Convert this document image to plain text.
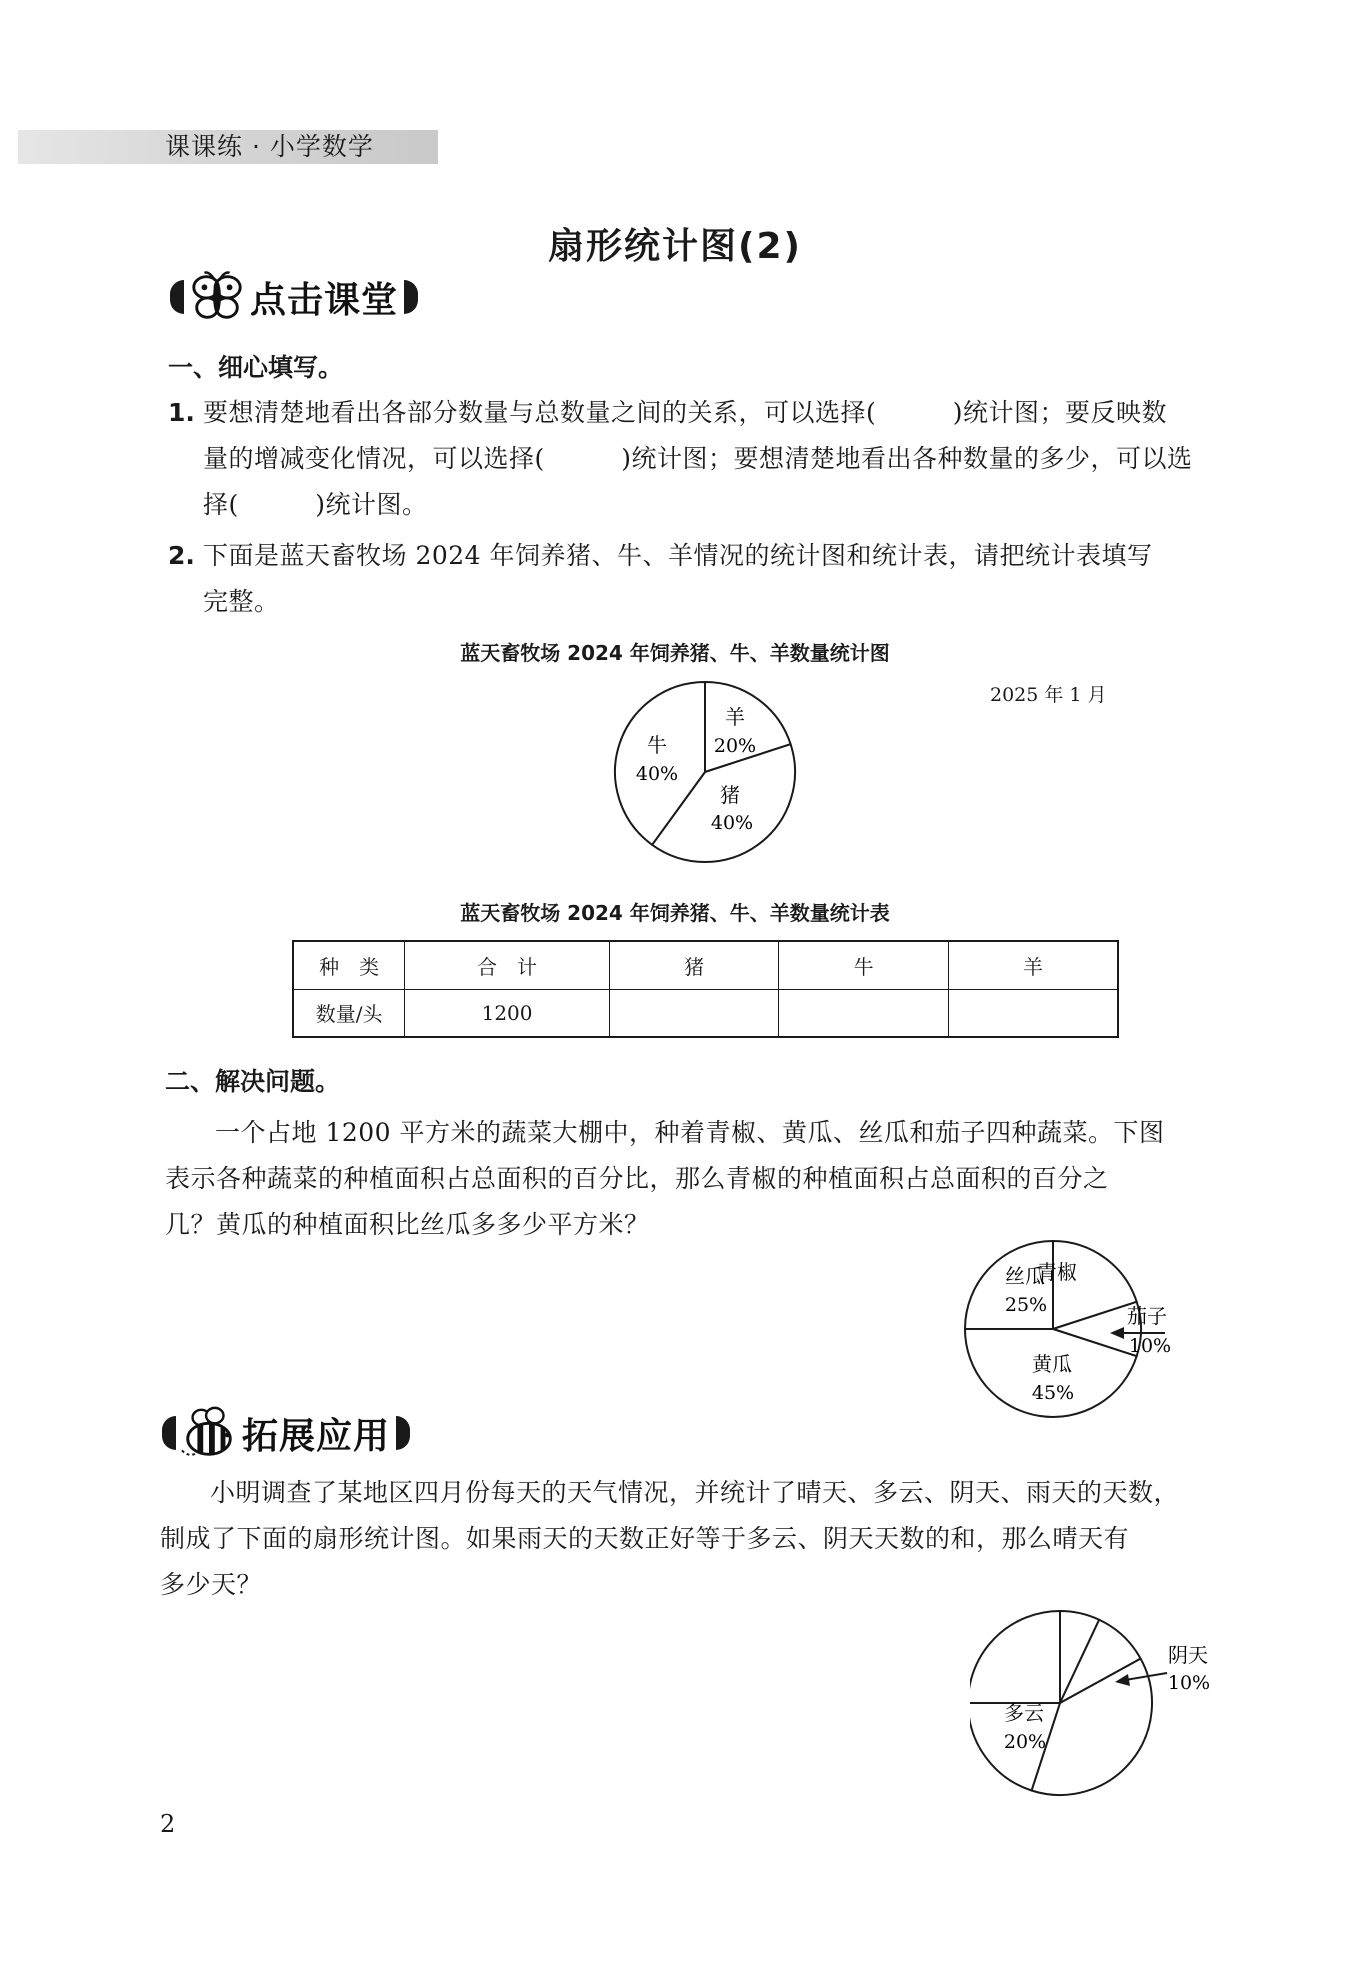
课课练 · 小学数学
扇形统计图(2)
点击课堂
一、细心填写。
1. 要想清楚地看出各部分数量与总数量之间的关系，可以选择(　　　)统计图；要反映数
量的增减变化情况，可以选择(　　　)统计图；要想清楚地看出各种数量的多少，可以选
择(　　　)统计图。
2. 下面是蓝天畜牧场 2024 年饲养猪、牛、羊情况的统计图和统计表，请把统计表填写
完整。
蓝天畜牧场 2024 年饲养猪、牛、羊数量统计图
2025 年 1 月
羊
20%
猪
40%
牛
40%
蓝天畜牧场 2024 年饲养猪、牛、羊数量统计表
种　类	合　计	猪	牛	羊
数量/头	1200			
二、解决问题。
一个占地 1200 平方米的蔬菜大棚中，种着青椒、黄瓜、丝瓜和茄子四种蔬菜。下图
表示各种蔬菜的种植面积占总面积的百分比，那么青椒的种植面积占总面积的百分之
几？黄瓜的种植面积比丝瓜多多少平方米？
青椒
茄子
10%
黄瓜
45%
丝瓜
25%
拓展应用
小明调查了某地区四月份每天的天气情况，并统计了晴天、多云、阴天、雨天的天数，
制成了下面的扇形统计图。如果雨天的天数正好等于多云、阴天天数的和，那么晴天有
多少天？
阴天
10%
多云
20%
2
